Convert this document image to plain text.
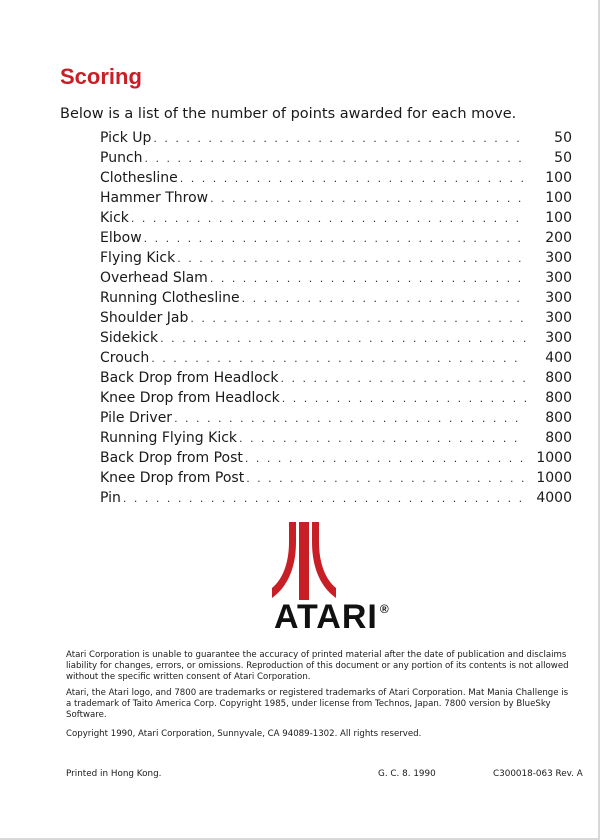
Scoring

Below is a list of the number of points awarded for each move.

Pick Up . . .	50
Punch . . .	50
Clothesline . . .	100
Hammer Throw . . .	100
Kick . . .	100
Elbow . . .	200
Flying Kick . . .	300
Overhead Slam . . .	300
Running Clothesline . . .	300
Shoulder Jab . . .	300
Sidekick . . .	300
Crouch . . .	400
Back Drop from Headlock . . .	800
Knee Drop from Headlock . . .	800
Pile Driver . . .	800
Running Flying Kick . . .	800
Back Drop from Post . . .	1000
Knee Drop from Post . . .	1000
Pin . . .	4000
ATARI ®

Atari Corporation is unable to guarantee the accuracy of printed material after the date of publication and disclaims liability for changes, errors, or omissions. Reproduction of this document or any portion of its contents is not allowed without the specific written consent of Atari Corporation.

Atari, the Atari logo, and 7800 are trademarks or registered trademarks of Atari Corporation. Mat Mania Challenge is a trademark of Taito America Corp. Copyright 1985, under license from Technos, Japan. 7800 version by BlueSky Software.

Copyright 1990, Atari Corporation, Sunnyvale, CA 94089-1302. All rights reserved.

Printed in Hong Kong.	G. C. 8. 1990	C300018-063 Rev. A
